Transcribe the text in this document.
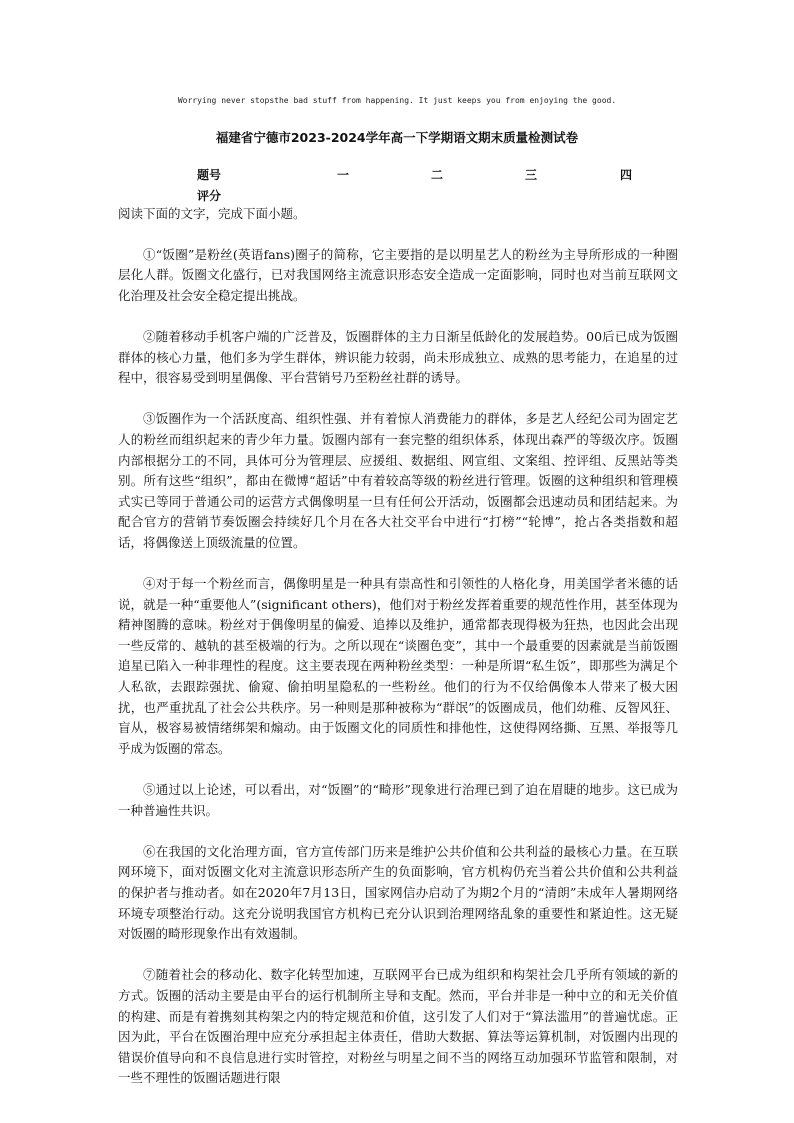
Worrying never stopsthe bad stuff from happening. It just keeps you from enjoying the good.
福建省宁德市2023-2024学年高一下学期语文期末质量检测试卷
题号	一	二	三	四
评分

阅读下面的文字，完成下面小题。

①“饭圈”是粉丝(英语fans)圈子的简称，它主要指的是以明星艺人的粉丝为主导所形成的一种圈层化人群。饭圈文化盛行，已对我国网络主流意识形态安全造成一定面影响，同时也对当前互联网文化治理及社会安全稳定提出挑战。

②随着移动手机客户端的广泛普及，饭圈群体的主力日渐呈低龄化的发展趋势。00后已成为饭圈群体的核心力量，他们多为学生群体，辨识能力较弱，尚未形成独立、成熟的思考能力，在追星的过程中，很容易受到明星偶像、平台营销号乃至粉丝社群的诱导。

③饭圈作为一个活跃度高、组织性强、并有着惊人消费能力的群体，多是艺人经纪公司为固定艺人的粉丝而组织起来的青少年力量。饭圈内部有一套完整的组织体系，体现出森严的等级次序。饭圈内部根据分工的不同，具体可分为管理层、应援组、数据组、网宣组、文案组、控评组、反黑站等类别。所有这些“组织”，都由在微博“超话”中有着较高等级的粉丝进行管理。饭圈的这种组织和管理模式实已等同于普通公司的运营方式偶像明星一旦有任何公开活动，饭圈都会迅速动员和团结起来。为配合官方的营销节奏饭圈会持续好几个月在各大社交平台中进行“打榜”“轮博”，抢占各类指数和超话，将偶像送上顶级流量的位置。

④对于每一个粉丝而言，偶像明星是一种具有崇高性和引领性的人格化身，用美国学者米德的话说，就是一种“重要他人”(significant others)，他们对于粉丝发挥着重要的规范性作用，甚至体现为精神图腾的意味。粉丝对于偶像明星的偏爱、追捧以及维护，通常都表现得极为狂热，也因此会出现一些反常的、越轨的甚至极端的行为。之所以现在“谈圈色变”，其中一个最重要的因素就是当前饭圈追星已陷入一种非理性的程度。这主要表现在两种粉丝类型：一种是所谓“私生饭”，即那些为满足个人私欲，去跟踪强扰、偷窥、偷拍明星隐私的一些粉丝。他们的行为不仅给偶像本人带来了极大困扰，也严重扰乱了社会公共秩序。另一种则是那种被称为“群氓”的饭圈成员，他们幼稚、反智风狂、盲从，极容易被情绪绑架和煽动。由于饭圈文化的同质性和排他性，这使得网络撕、互黑、举报等几乎成为饭圈的常态。

⑤通过以上论述，可以看出，对“饭圈”的“畸形”现象进行治理已到了迫在眉睫的地步。这已成为一种普遍性共识。

⑥在我国的文化治理方面，官方宣传部门历来是维护公共价值和公共利益的最核心力量。在互联网环境下，面对饭圈文化对主流意识形态所产生的负面影响，官方机构仍充当着公共价值和公共利益的保护者与推动者。如在2020年7月13日，国家网信办启动了为期2个月的“清朗”未成年人暑期网络环境专项整治行动。这充分说明我国官方机构已充分认识到治理网络乱象的重要性和紧迫性。这无疑对饭圈的畸形现象作出有效遏制。

⑦随着社会的移动化、数字化转型加速，互联网平台已成为组织和构架社会几乎所有领域的新的方式。饭圈的活动主要是由平台的运行机制所主导和支配。然而，平台并非是一种中立的和无关价值的构建、而是有着携刻其构架之内的特定规范和价值，这引发了人们对于“算法滥用”的普遍忧虑。正因为此，平台在饭圈治理中应充分承担起主体责任，借助大数据、算法等运算机制，对饭圈内出现的错误价值导向和不良信息进行实时管控，对粉丝与明星之间不当的网络互动加强环节监管和限制，对一些不理性的饭圈话题进行限
